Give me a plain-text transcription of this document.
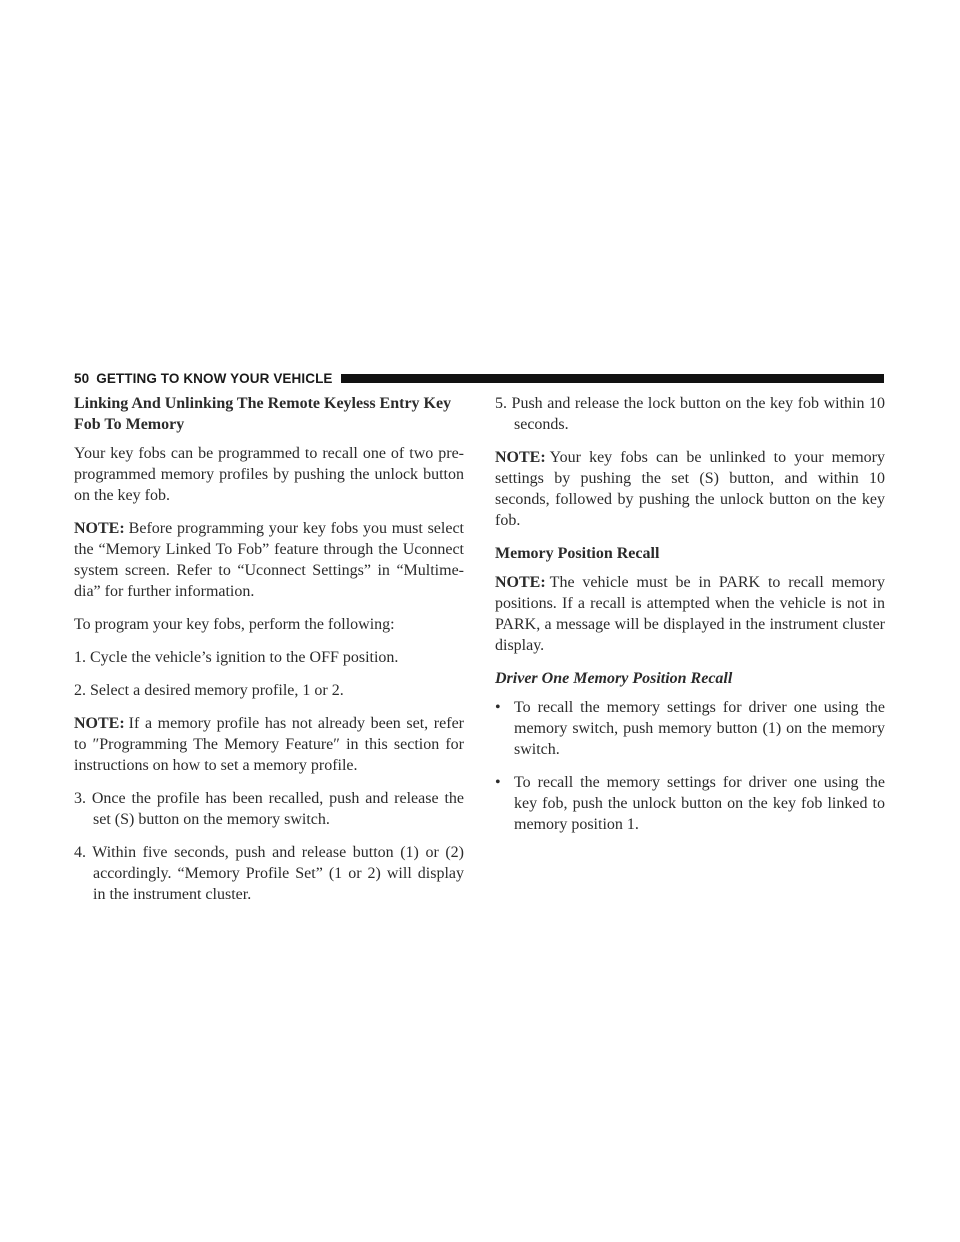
50 GETTING TO KNOW YOUR VEHICLE

Linking And Unlinking The Remote Keyless Entry Key Fob To Memory

Your key fobs can be programmed to recall one of two pre-programmed memory profiles by pushing the unlock button on the key fob.

NOTE: Before programming your key fobs you must select the “Memory Linked To Fob” feature through the Uconnect system screen. Refer to “Uconnect Settings” in “Multime-dia” for further information.

To program your key fobs, perform the following:

1. Cycle the vehicle’s ignition to the OFF position.

2. Select a desired memory profile, 1 or 2.

NOTE: If a memory profile has not already been set, refer to ″Programming The Memory Feature″ in this section for instructions on how to set a memory profile.

3. Once the profile has been recalled, push and release the set (S) button on the memory switch.

4. Within five seconds, push and release button (1) or (2) accordingly. “Memory Profile Set” (1 or 2) will display in the instrument cluster.

5. Push and release the lock button on the key fob within 10 seconds.

NOTE: Your key fobs can be unlinked to your memory settings by pushing the set (S) button, and within 10 seconds, followed by pushing the unlock button on the key fob.

Memory Position Recall

NOTE: The vehicle must be in PARK to recall memory positions. If a recall is attempted when the vehicle is not in PARK, a message will be displayed in the instrument cluster display.

Driver One Memory Position Recall

• To recall the memory settings for driver one using the memory switch, push memory button (1) on the memory switch.

• To recall the memory settings for driver one using the key fob, push the unlock button on the key fob linked to memory position 1.
